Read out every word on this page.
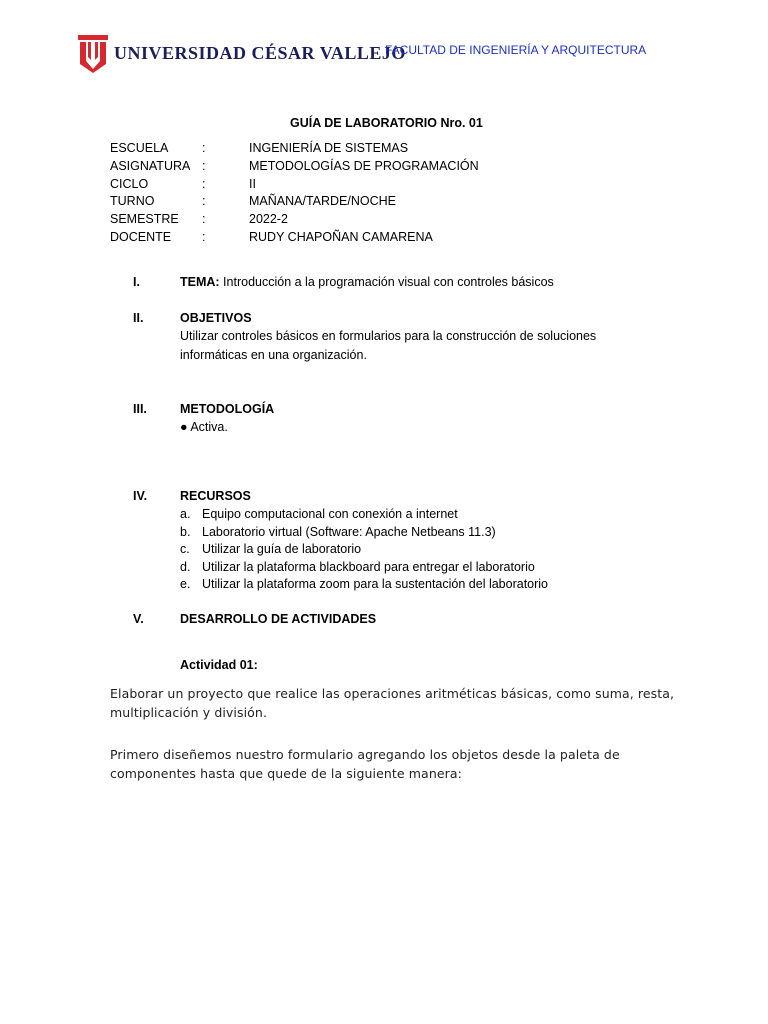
UNIVERSIDAD CÉSAR VALLEJO
FACULTAD DE INGENIERÍA Y ARQUITECTURA
GUÍA DE LABORATORIO Nro. 01
ESCUELA	:	INGENIERÍA DE SISTEMAS
ASIGNATURA :	METODOLOGÍAS DE PROGRAMACIÓN
CICLO	:	II
TURNO	:	MAÑANA/TARDE/NOCHE
SEMESTRE :	2022-2
DOCENTE :	RUDY CHAPOÑAN CAMARENA
I.	TEMA: Introducción a la programación visual con controles básicos
II.	OBJETIVOS
Utilizar controles básicos en formularios para la construcción de soluciones
informáticas en una organización.
III.	METODOLOGÍA
● Activa.
IV.	RECURSOS
a. Equipo computacional con conexión a internet
b. Laboratorio virtual (Software: Apache Netbeans 11.3)
c. Utilizar la guía de laboratorio
d. Utilizar la plataforma blackboard para entregar el laboratorio
e. Utilizar la plataforma zoom para la sustentación del laboratorio
V.	DESARROLLO DE ACTIVIDADES
Actividad 01:
Elaborar un proyecto que realice las operaciones aritméticas básicas, como suma, resta,
multiplicación y división.
Primero diseñemos nuestro formulario agregando los objetos desde la paleta de
componentes hasta que quede de la siguiente manera:
